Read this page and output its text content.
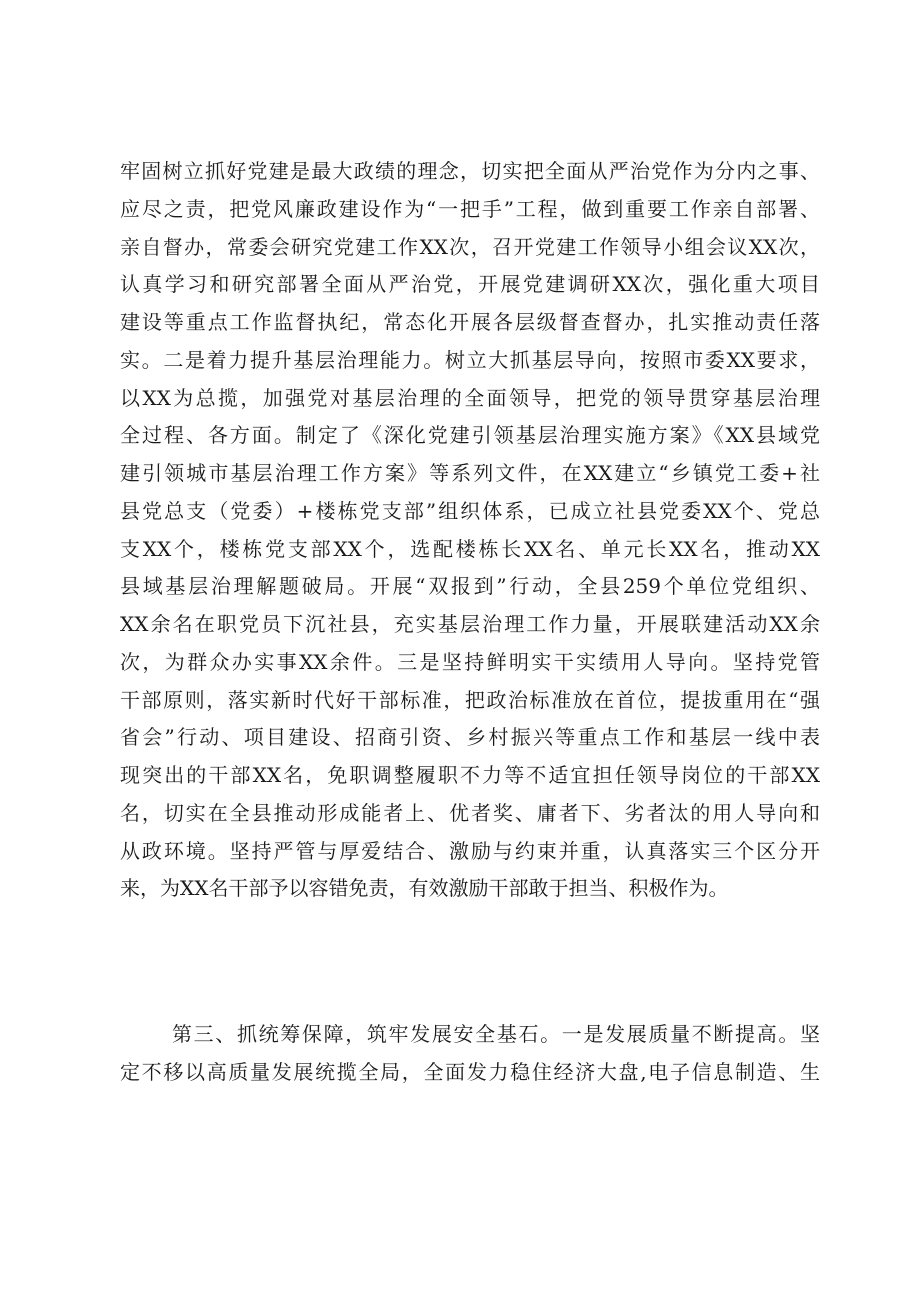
牢固树立抓好党建是最大政绩的理念，切实把全面从严治党作为分内之事、
应尽之责，把党风廉政建设作为“一把手”工程，做到重要工作亲自部署、
亲自督办，常委会研究党建工作XX次，召开党建工作领导小组会议XX次，
认真学习和研究部署全面从严治党，开展党建调研XX次，强化重大项目
建设等重点工作监督执纪，常态化开展各层级督查督办，扎实推动责任落
实。二是着力提升基层治理能力。树立大抓基层导向，按照市委XX要求，
以XX为总揽，加强党对基层治理的全面领导，把党的领导贯穿基层治理
全过程、各方面。制定了《深化党建引领基层治理实施方案》《XX县域党
建引领城市基层治理工作方案》等系列文件，在XX建立“乡镇党工委+社
县党总支（党委）+楼栋党支部”组织体系，已成立社县党委XX个、党总
支XX个，楼栋党支部XX个，选配楼栋长XX名、单元长XX名，推动XX
县域基层治理解题破局。开展“双报到”行动，全县259个单位党组织、
XX余名在职党员下沉社县，充实基层治理工作力量，开展联建活动XX余
次，为群众办实事XX余件。三是坚持鲜明实干实绩用人导向。坚持党管
干部原则，落实新时代好干部标准，把政治标准放在首位，提拔重用在“强
省会”行动、项目建设、招商引资、乡村振兴等重点工作和基层一线中表
现突出的干部XX名，免职调整履职不力等不适宜担任领导岗位的干部XX
名，切实在全县推动形成能者上、优者奖、庸者下、劣者汰的用人导向和
从政环境。坚持严管与厚爱结合、激励与约束并重，认真落实三个区分开
来，为XX名干部予以容错免责，有效激励干部敢于担当、积极作为。
第三、抓统筹保障，筑牢发展安全基石。一是发展质量不断提高。坚
定不移以高质量发展统揽全局，全面发力稳住经济大盘,电子信息制造、生
